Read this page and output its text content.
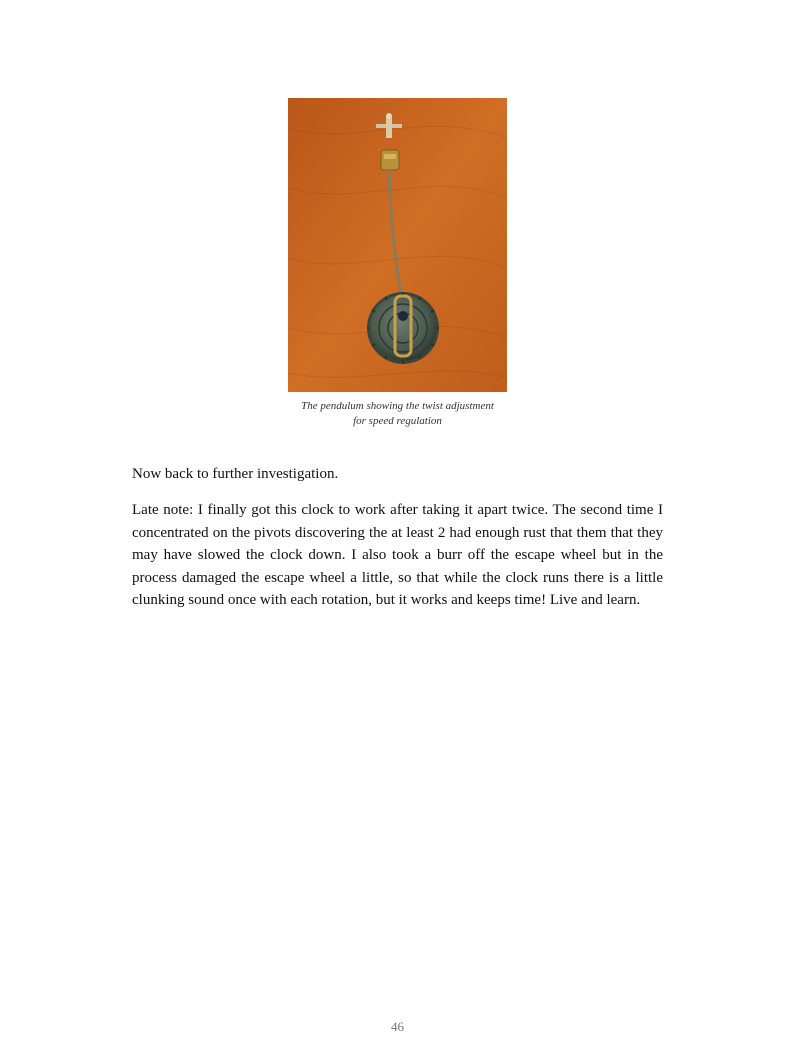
The pendulum showing the twist adjustment
for speed regulation

Now back to further investigation.

Late note: I finally got this clock to work after taking it apart twice. The second time I concentrated on the pivots discovering the at least 2 had enough rust that them that they may have slowed the clock down. I also took a burr off the escape wheel but in the process damaged the escape wheel a little, so that while the clock runs there is a little clunking sound once with each rotation, but it works and keeps time! Live and learn.

46
